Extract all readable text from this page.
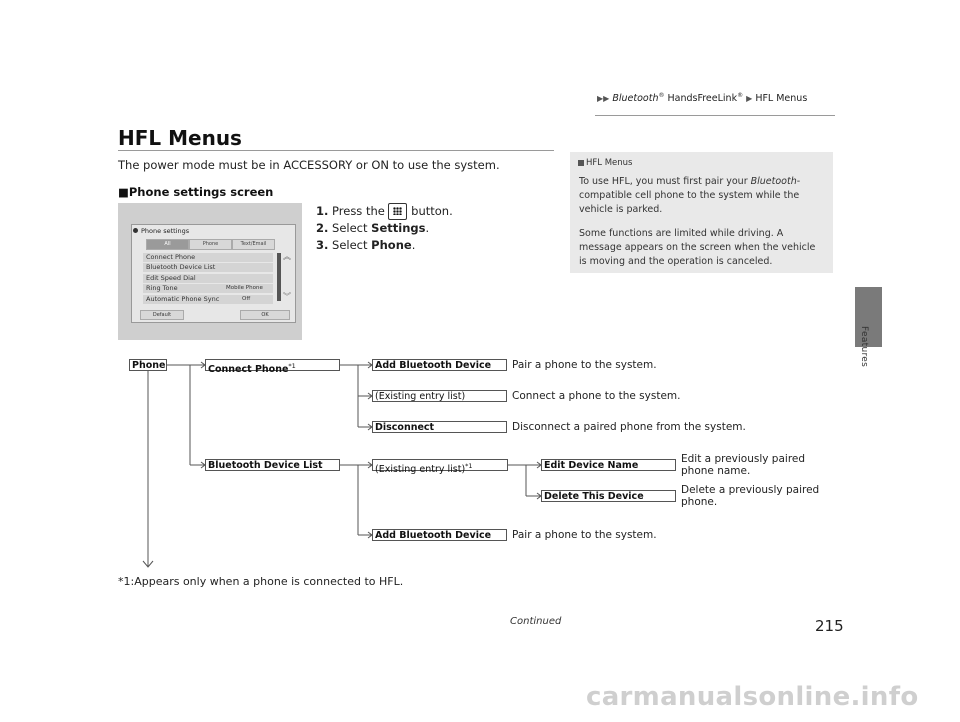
▶▶ Bluetooth® HandsFreeLink® ▶ HFL Menus
Features
HFL Menus
The power mode must be in ACCESSORY or ON to use the system.
■Phone settings screen
1. Press the button.
2. Select Settings.
3. Select Phone.
HFL Menus
To use HFL, you must first pair your Bluetooth-compatible cell phone to the system while the vehicle is parked.
Some functions are limited while driving. A message appears on the screen when the vehicle is moving and the operation is canceled.
Phone settings
All	Phone	Text/Email
Connect Phone
Bluetooth Device List
Edit Speed Dial
Ring Tone
Automatic Phone Sync
Mobile Phone
Off
︽
︾
Default	OK
Phone	Connect Phone$^{*1}$	Add Bluetooth Device	Pair a phone to the system.
(Existing entry list)	Connect a phone to the system.
Disconnect	Disconnect a paired phone from the system.
Bluetooth Device List	(Existing entry list)$^{*1}$	Edit Device Name
Edit a previously paired
phone name.
Delete This Device
Delete a previously paired
phone.
Add Bluetooth Device	Pair a phone to the system.
*1:Appears only when a phone is connected to HFL.
Continued	215
carmanualsonline.info
